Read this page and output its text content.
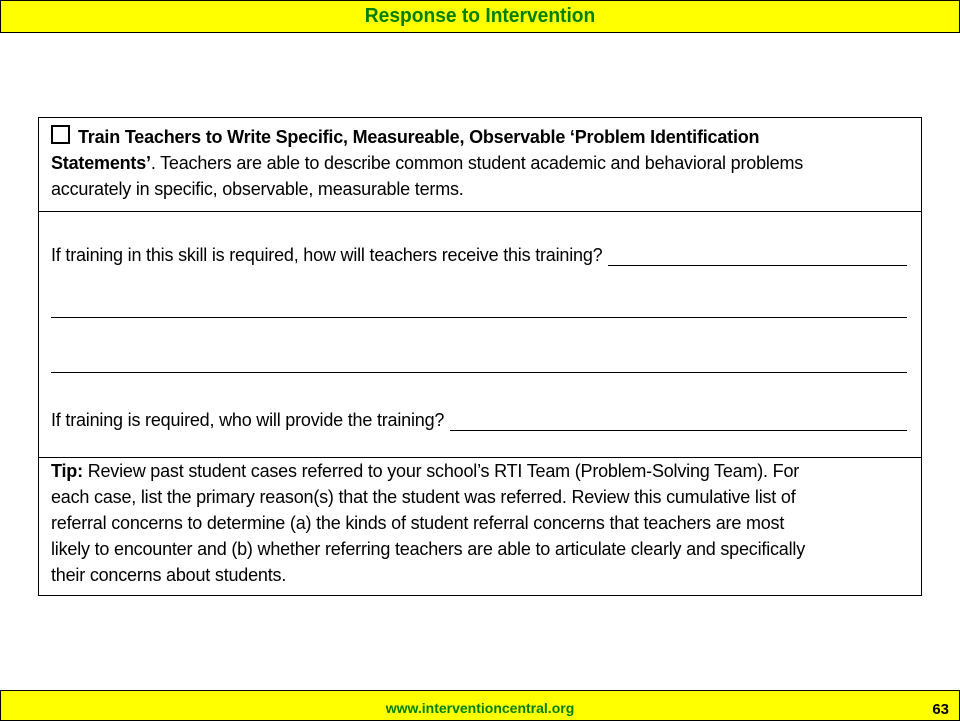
Response to Intervention
Train Teachers to Write Specific, Measureable, Observable ‘Problem Identification
Statements’. Teachers are able to describe common student academic and behavioral problems
accurately in specific, observable, measurable terms.
If training in this skill is required, how will teachers receive this training?
If training is required, who will provide the training?
Tip: Review past student cases referred to your school’s RTI Team (Problem-Solving Team). For
each case, list the primary reason(s) that the student was referred. Review this cumulative list of
referral concerns to determine (a) the kinds of student referral concerns that teachers are most
likely to encounter and (b) whether referring teachers are able to articulate clearly and specifically
their concerns about students.
www.interventioncentral.org	63
